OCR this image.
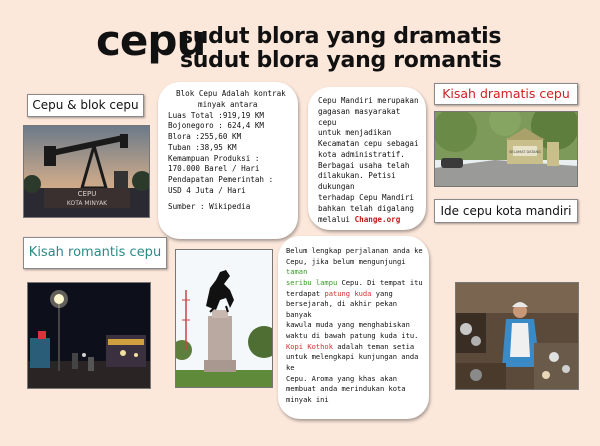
cepu
sudut blora yang dramatis
sudut blora yang romantis
Cepu & blok cepu
CEPU
KOTA MINYAK

Blok Cepu Adalah kontrak

minyak antara

Luas Total :919,19 KM

Bojonegoro : 624,4 KM

Blora :255,60 KM

Tuban :38,95 KM

Kemampuan Produksi :

170.000 Barel / Hari

Pendapatan Pemerintah :

USD 4 Juta / Hari

Sumber : Wikipedia

Cepu Mandiri merupakan

gagasan masyarakat cepu

untuk menjadikan

Kecamatan cepu sebagai

kota administratif.

Berbagai usaha telah

dilakukan. Petisi dukungan

terhadap Cepu Mandiri

bahkan telah digalang

melalui Change.org

Kisah dramatis cepu
SELAMAT DATANG
Ide cepu kota mandiri
Kisah romantis cepu	Belum lengkap perjalanan anda ke

Cepu, jika belum mengunjungi taman

seribu lampu Cepu. Di tempat itu

terdapat patung kuda yang

bersejarah, di akhir pekan banyak

kawula muda yang menghabiskan

waktu di bawah patung kuda itu.

Kopi Kothok adalah teman setia

untuk melengkapi kunjungan anda ke

Cepu. Aroma yang khas akan

membuat anda merindukan kota

minyak ini
